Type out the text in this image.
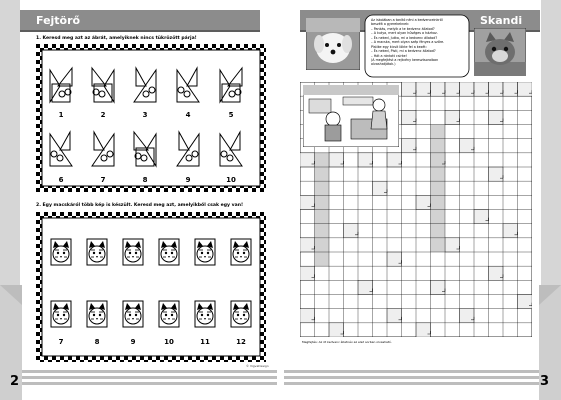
Fejtörő	Skandi
2	3
1. Keresd meg azt az ábrát, amelyiknek nincs tükrözött párja!
1	2	3	4	5
6	7	8	9	10
2. Egy macskáról több kép is készült. Keresd meg azt, amelyikből csak egy van!
7	8	9	10	11	12
© VigvaDesign
Az iskolában a tanító néni a kedvenceinkről
beszélt a gyerekeknek:
– Pankás, melyik a te kedvenc állatod?
– A kutya, mert olyan hűséges a házhoz.
– És neked, Jutka, mi a kedvenc állatod?
– A macska, mert olyan szép fényes a szőre.
Pistike egy kicsit lökte fel a kezét:
– És neked, Pisti, mi a kedvenc állatod?
– Hát a rántott csirke!
(A megfejtést a rejtvény keresztsoraiban
olvashatjátok.)
Megfejtés: Az öt kedvenc állatnév az első sorban olvasható.
